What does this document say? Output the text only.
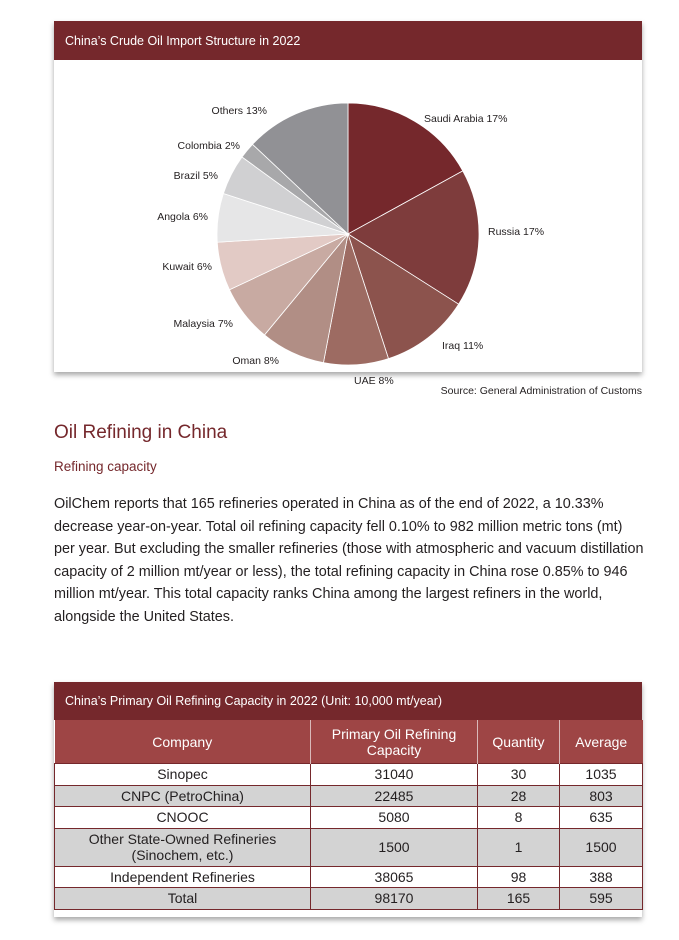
China’s Crude Oil Import Structure in 2022
Saudi Arabia 17%
Russia 17%
Iraq 11%
UAE 8%
Oman 8%
Malaysia 7%
Kuwait 6%
Angola 6%
Brazil 5%
Colombia 2%
Others 13%
Source: General Administration of Customs
Oil Refining in China
Refining capacity
OilChem reports that 165 refineries operated in China as of the end of 2022, a 10.33% decrease year-on-year. Total oil refining capacity fell 0.10% to 982 million metric tons (mt) per year. But excluding the smaller refineries (those with atmospheric and vacuum distillation capacity of 2 million mt/year or less), the total refining capacity in China rose 0.85% to 946 million mt/year. This total capacity ranks China among the largest refiners in the world, alongside the United States.
China’s Primary Oil Refining Capacity in 2022 (Unit: 10,000 mt/year)
Company	Primary Oil Refining Capacity	Quantity	Average
Sinopec	31040	30	1035
CNPC (PetroChina)	22485	28	803
CNOOC	5080	8	635
Other State-Owned Refineries (Sinochem, etc.)	1500	1	1500
Independent Refineries	38065	98	388
Total	98170	165	595
